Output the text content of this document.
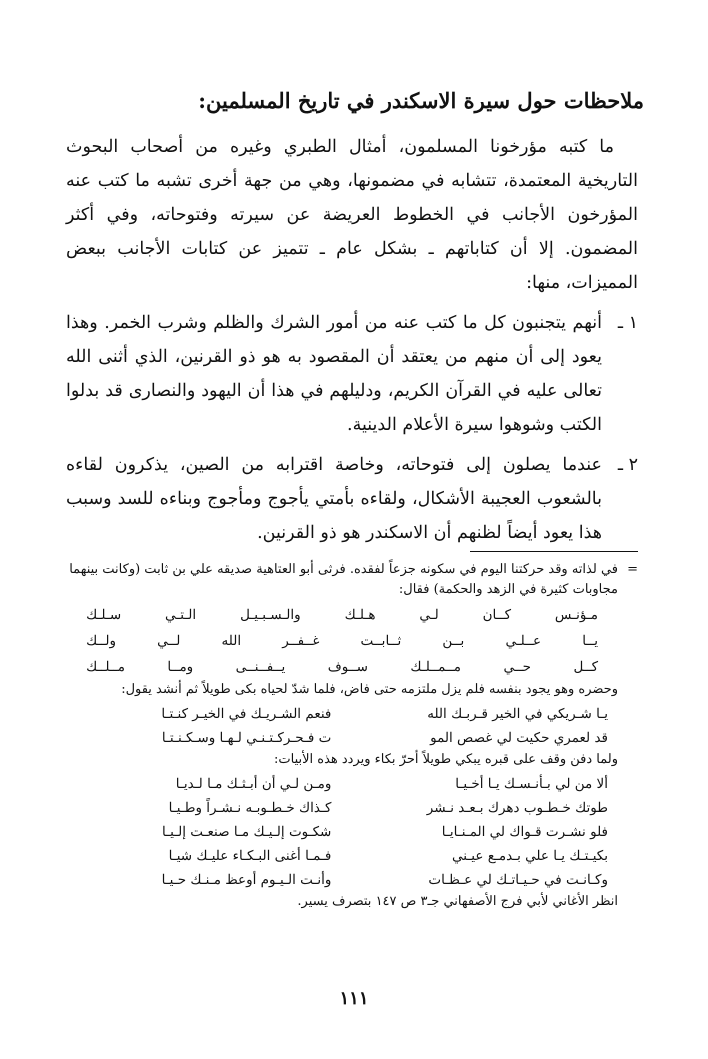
ملاحظات حول سيرة الاسكندر في تاريخ المسلمين:

ما كتبه مؤرخونا المسلمون، أمثال الطبري وغيره من أصحاب البحوث التاريخية المعتمدة، تتشابه في مضمونها، وهي من جهة أخرى تشبه ما كتب عنه المؤرخون الأجانب في الخطوط العريضة عن سيرته وفتوحاته، وفي أكثر المضمون. إلا أن كتاباتهم ـ بشكل عام ـ تتميز عن كتابات الأجانب ببعض المميزات، منها:

١ ـ
أنهم يتجنبون كل ما كتب عنه من أمور الشرك والظلم وشرب الخمر. وهذا يعود إلى أن منهم من يعتقد أن المقصود به هو ذو القرنين، الذي أثنى الله تعالى عليه في القرآن الكريم، ودليلهم في هذا أن اليهود والنصارى قد بدلوا الكتب وشوهوا سيرة الأعلام الدينية.
٢ ـ
عندما يصلون إلى فتوحاته، وخاصة اقترابه من الصين، يذكرون لقاءه بالشعوب العجيبة الأشكال، ولقاءه بأمتي يأجوج ومأجوج وبناءه للسد وسبب هذا يعود أيضاً لظنهم أن الاسكندر هو ذو القرنين.
=

في لذاته وقد حركتنا اليوم في سكونه جزعاً لفقده. فرثى أبو العتاهية صديقه علي بن ثابت (وكانت بينهما مجاوبات كثيرة في الزهد والحكمة) فقال:

مـؤنـس
كــان
لـي
هـلـك
والـسـبـيـل
الـتـي
سـلـك
يــا
عــلـي
بــن
ثــابــت
غــفــر
الله
لــي
ولــك
كــل
حــي
مــمــلـك
ســوف
يــفــنــى
ومــا
مــلــك

وحضره وهو يجود بنفسه فلم يزل ملتزمه حتى فاض، فلما شدّ لحياه بكى طويلاً ثم أنشد يقول:

يـا شـريكي في الخير قـربـك الله
فنعم الشـريـك في الخيـر كنـتـا
قد لعمري حكيت لي غصص المو
ت فـحـركـتـنـي لـهـا وسـكـنـتـا

ولما دفن وقف على قبره يبكي طويلاً أحرّ بكاء ويردد هذه الأبيات:

ألا من لي بـأنـسـك يـا أخـيـا
ومـن لـي أن أبـثـك مـا لـديـا
طوتك خـطـوب دهرك بـعـد نـشر
كـذاك خـطـوبـه نـشـراً وطـيـا
فلو نشـرت قـواك لي المـنـايـا
شكـوت إلـيـك مـا صنعـت إلـيـا
بكيـتـك يـا علي بـدمـع عيـني
فـمـا أغنى البـكـاء عليـك شيـا
وكـانـت في حـيـاتـك لي عـظـات
وأنـت الـيـوم أوعظ مـنـك حـيـا

انظر الأغاني لأبي فرج الأصفهاني جـ٣ ص ١٤٧ بتصرف يسير.

١١١
